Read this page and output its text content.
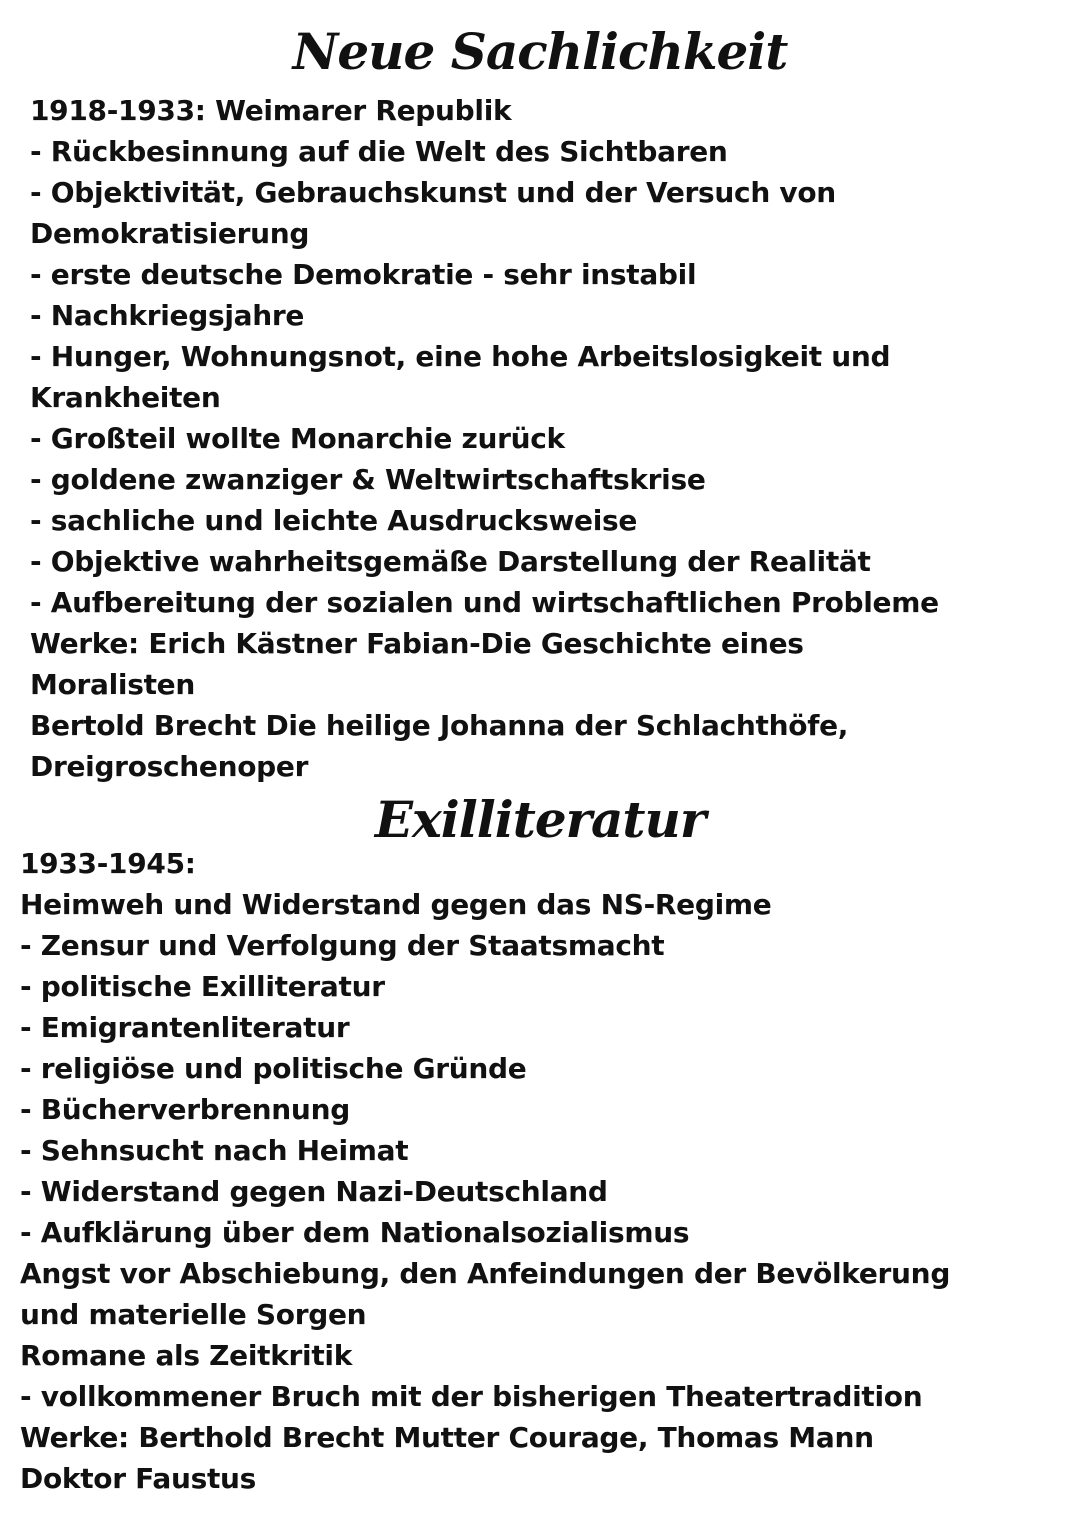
Neue Sachlichkeit
1918-1933: Weimarer Republik
- Rückbesinnung auf die Welt des Sichtbaren
- Objektivität, Gebrauchskunst und der Versuch von
Demokratisierung
- erste deutsche Demokratie - sehr instabil
- Nachkriegsjahre
- Hunger, Wohnungsnot, eine hohe Arbeitslosigkeit und
Krankheiten
- Großteil wollte Monarchie zurück
- goldene zwanziger & Weltwirtschaftskrise
- sachliche und leichte Ausdrucksweise
- Objektive wahrheitsgemäße Darstellung der Realität
- Aufbereitung der sozialen und wirtschaftlichen Probleme
Werke: Erich Kästner Fabian-Die Geschichte eines
Moralisten
Bertold Brecht Die heilige Johanna der Schlachthöfe,
Dreigroschenoper
Exilliteratur
1933-1945:
Heimweh und Widerstand gegen das NS-Regime
- Zensur und Verfolgung der Staatsmacht
- politische Exilliteratur
- Emigrantenliteratur
- religiöse und politische Gründe
- Bücherverbrennung
- Sehnsucht nach Heimat
- Widerstand gegen Nazi-Deutschland
- Aufklärung über dem Nationalsozialismus
Angst vor Abschiebung, den Anfeindungen der Bevölkerung
und materielle Sorgen
Romane als Zeitkritik
- vollkommener Bruch mit der bisherigen Theatertradition
Werke: Berthold Brecht Mutter Courage, Thomas Mann
Doktor Faustus
